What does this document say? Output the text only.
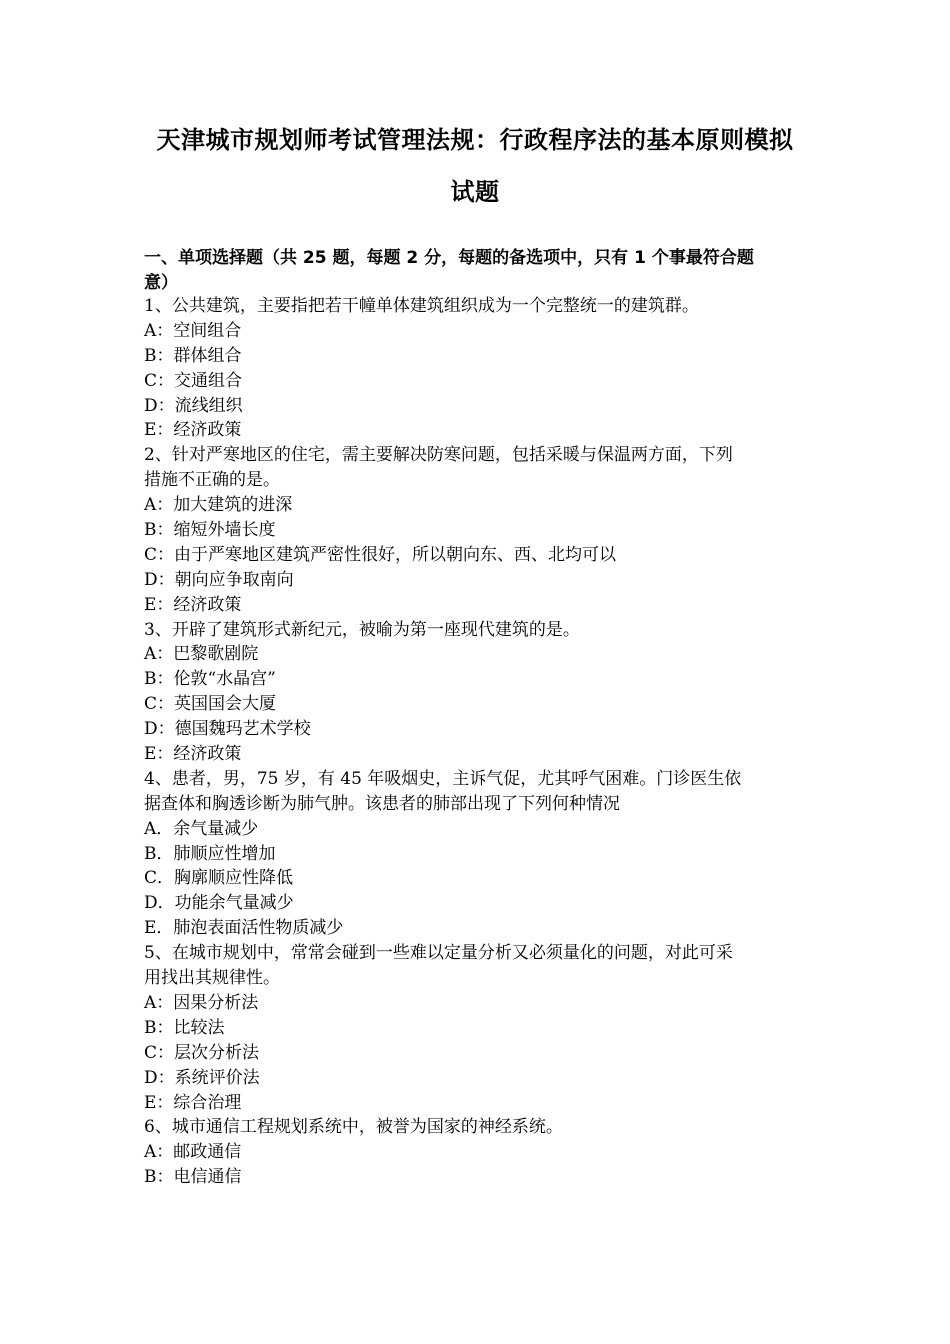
天津城市规划师考试管理法规：行政程序法的基本原则模拟
试题
一、单项选择题（共 25 题，每题 2 分，每题的备选项中，只有 1 个事最符合题
意）
1、公共建筑，主要指把若干幢单体建筑组织成为一个完整统一的建筑群。
A：空间组合
B：群体组合
C：交通组合
D：流线组织
E：经济政策
2、针对严寒地区的住宅，需主要解决防寒问题，包括采暖与保温两方面，下列
措施不正确的是。
A：加大建筑的进深
B：缩短外墙长度
C：由于严寒地区建筑严密性很好，所以朝向东、西、北均可以
D：朝向应争取南向
E：经济政策
3、开辟了建筑形式新纪元，被喻为第一座现代建筑的是。
A：巴黎歌剧院
B：伦敦“水晶宫”
C：英国国会大厦
D：德国魏玛艺术学校
E：经济政策
4、患者，男，75 岁，有 45 年吸烟史，主诉气促，尤其呼气困难。门诊医生依
据查体和胸透诊断为肺气肿。该患者的肺部出现了下列何种情况
A．余气量减少
B．肺顺应性增加
C．胸廓顺应性降低
D．功能余气量减少
E．肺泡表面活性物质减少
5、在城市规划中，常常会碰到一些难以定量分析又必须量化的问题，对此可采
用找出其规律性。
A：因果分析法
B：比较法
C：层次分析法
D：系统评价法
E：综合治理
6、城市通信工程规划系统中，被誉为国家的神经系统。
A：邮政通信
B：电信通信
